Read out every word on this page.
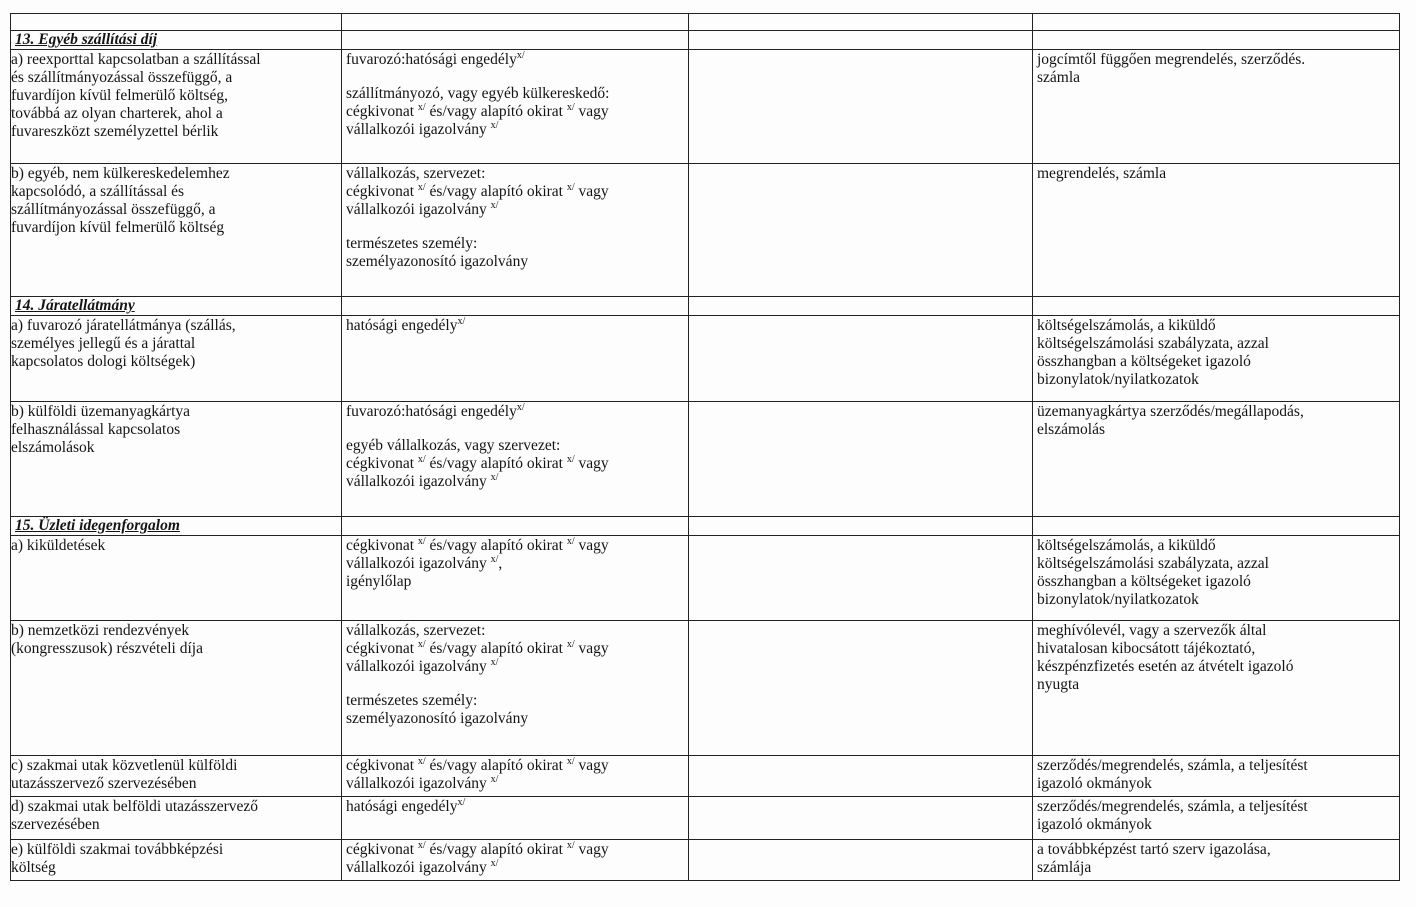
13. Egyéb szállítási díj			

a) reexporttal kapcsolatban a szállítással
és szállítmányozással összefüggő, a
fuvardíjon kívül felmerülő költség,
továbbá az olyan charterek, ahol a
fuvareszközt személyzettel bérlik	fuvarozó:hatósági engedély$^{x/}$
szállítmányozó, vagy egyéb külkereskedő:
cégkivonat $^{x/}$ és/vagy alapító okirat $^{x/}$ vagy
vállalkozói igazolvány $^{x/}$		jogcímtől függően megrendelés, szerződés.
számla

b) egyéb, nem külkereskedelemhez
kapcsolódó, a szállítással és
szállítmányozással összefüggő, a
fuvardíjon kívül felmerülő költség	vállalkozás, szervezet:
cégkivonat $^{x/}$ és/vagy alapító okirat $^{x/}$ vagy
vállalkozói igazolvány $^{x/}$
természetes személy:
személyazonosító igazolvány		megrendelés, számla

14. Járatellátmány			

a) fuvarozó járatellátmánya (szállás,
személyes jellegű és a járattal
kapcsolatos dologi költségek)	hatósági engedély$^{x/}$		költségelszámolás, a kiküldő
költségelszámolási szabályzata, azzal
összhangban a költségeket igazoló
bizonylatok/nyilatkozatok

b) külföldi üzemanyagkártya
felhasználással kapcsolatos
elszámolások	fuvarozó:hatósági engedély$^{x/}$
egyéb vállalkozás, vagy szervezet:
cégkivonat $^{x/}$ és/vagy alapító okirat $^{x/}$ vagy
vállalkozói igazolvány $^{x/}$		üzemanyagkártya szerződés/megállapodás,
elszámolás

15. Üzleti idegenforgalom			

a) kiküldetések	cégkivonat $^{x/}$ és/vagy alapító okirat $^{x/}$ vagy
vállalkozói igazolvány $^{x/}$,
igénylőlap		költségelszámolás, a kiküldő
költségelszámolási szabályzata, azzal
összhangban a költségeket igazoló
bizonylatok/nyilatkozatok

b) nemzetközi rendezvények
(kongresszusok) részvételi díja	vállalkozás, szervezet:
cégkivonat $^{x/}$ és/vagy alapító okirat $^{x/}$ vagy
vállalkozói igazolvány $^{x/}$
természetes személy:
személyazonosító igazolvány		meghívólevél, vagy a szervezők által
hivatalosan kibocsátott tájékoztató,
készpénzfizetés esetén az átvételt igazoló
nyugta

c) szakmai utak közvetlenül külföldi
utazásszervező szervezésében	cégkivonat $^{x/}$ és/vagy alapító okirat $^{x/}$ vagy
vállalkozói igazolvány $^{x/}$		szerződés/megrendelés, számla, a teljesítést
igazoló okmányok

d) szakmai utak belföldi utazásszervező
szervezésében	hatósági engedély$^{x/}$		szerződés/megrendelés, számla, a teljesítést
igazoló okmányok

e) külföldi szakmai továbbképzési
költség	cégkivonat $^{x/}$ és/vagy alapító okirat $^{x/}$ vagy
vállalkozói igazolvány $^{x/}$		a továbbképzést tartó szerv igazolása,
számlája
